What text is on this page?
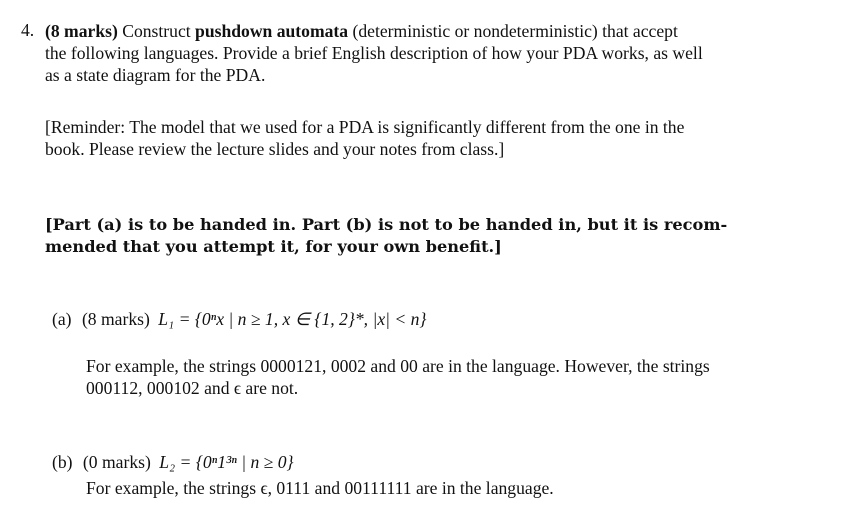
4. (8 marks) Construct pushdown automata (deterministic or nondeterministic) that accept
the following languages. Provide a brief English description of how your PDA works, as well
as a state diagram for the PDA.
[Reminder: The model that we used for a PDA is significantly different from the one in the
book. Please review the lecture slides and your notes from class.]
[Part (a) is to be handed in. Part (b) is not to be handed in, but it is recom-
mended that you attempt it, for your own benefit.]
(a) (8 marks) L₁ = {0ⁿx | n ≥ 1, x ∈ {1, 2}*, |x| < n}
For example, the strings 0000121, 0002 and 00 are in the language. However, the strings
000112, 000102 and ϵ are not.
(b) (0 marks) L₂ = {0ⁿ1³ⁿ | n ≥ 0}
For example, the strings ϵ, 0111 and 00111111 are in the language.
